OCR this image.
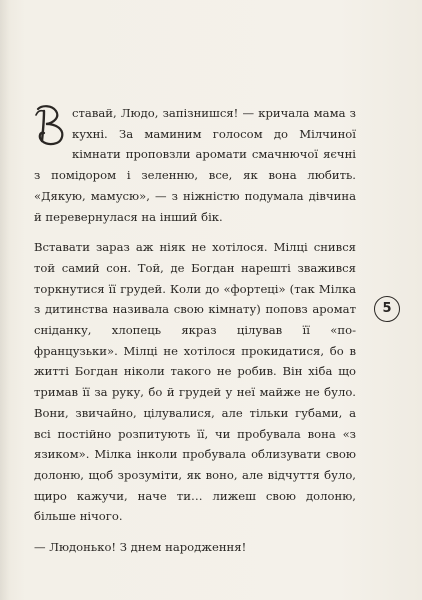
ставай, Людо, запізнишся! — кричала мама з кухні. За маминим голосом до Мілчиної кімнати проповзли аромати смачнючої яєчні з помідором і зеленню, все, як вона любить. «Дякую, мамусю», — з ніжністю подумала дівчина й перевернулася на інший бік.

Вставати зараз аж ніяк не хотілося. Мілці снився той самий сон. Той, де Богдан нарешті зважився торкнутися її грудей. Коли до «фортеці» (так Мілка з дитинства називала свою кімнату) поповз аромат сніданку, хлопець якраз цілував її «по-французьки». Мілці не хотілося прокидатися, бо в житті Богдан ніколи такого не робив. Він хіба що тримав її за руку, бо й грудей у неї майже не було. Вони, звичайно, цілувалися, але тільки губами, а всі постійно розпитують її, чи пробувала вона «з язиком». Мілка інколи пробувала облизувати свою долоню, щоб зрозуміти, як воно, але відчуття було, щиро кажучи, наче ти… лижеш свою долоню, більше нічого.

— Людонько! З днем народження!

5
